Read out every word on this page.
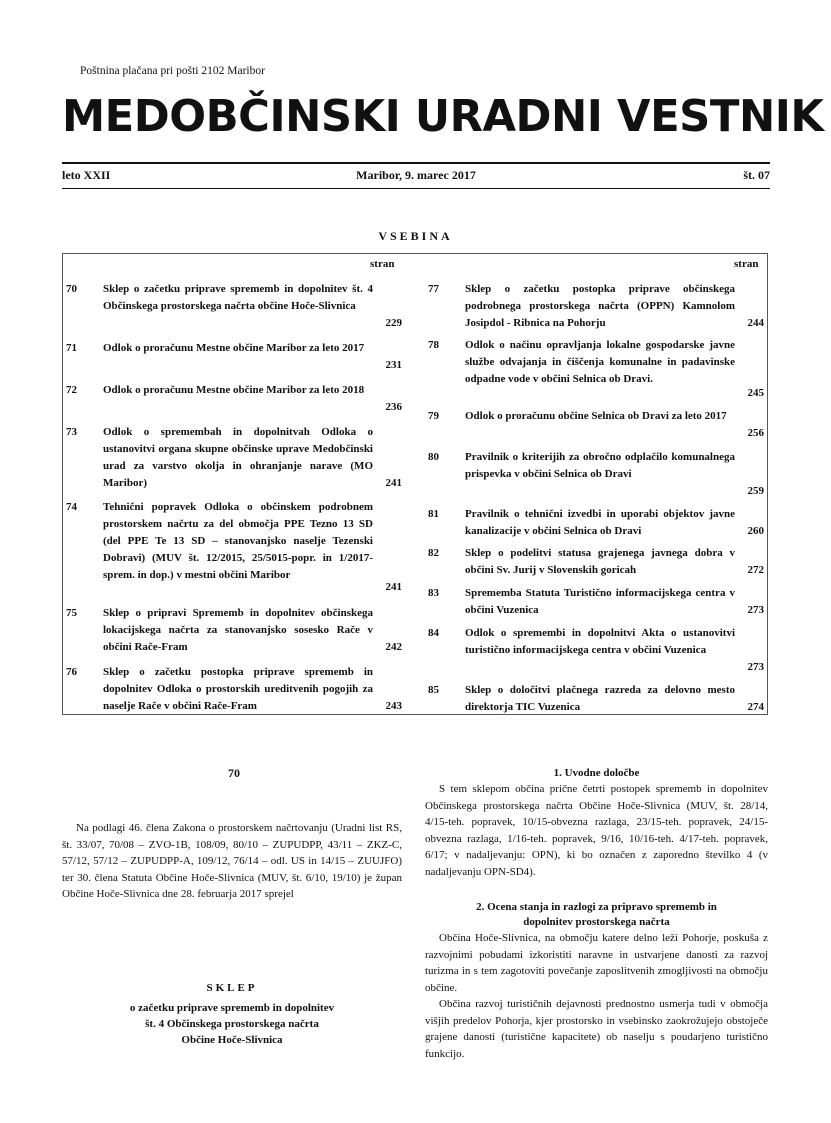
Poštnina plačana pri pošti 2102 Maribor
MEDOBČINSKI URADNI VESTNIK
leto XXII	Maribor, 9. marec 2017	št. 07
VSEBINA
stran	stran
70 Sklep o začetku priprave sprememb in dopolnitev št. 4 Občinskega prostorskega načrta občine Hoče-Slivnica
229
71 Odlok o proračunu Mestne občine Maribor za leto 2017
231
72 Odlok o proračunu Mestne občine Maribor za leto 2018
236
73 Odlok o spremembah in dopolnitvah Odloka o ustanovitvi organa skupne občinske uprave Medobčinski urad za varstvo okolja in ohranjanje narave (MO Maribor)	241
74 Tehnični popravek Odloka o občinskem podrobnem prostorskem načrtu za del območja PPE Tezno 13 SD (del PPE Te 13 SD – stanovanjsko naselje Tezenski Dobravi) (MUV št. 12/2015, 25/5015-popr. in 1/2017-sprem. in dop.) v mestni občini Maribor
241
75 Sklep o pripravi Sprememb in dopolnitev občinskega lokacijskega načrta za stanovanjsko sosesko Rače v občini Rače-Fram	242
76 Sklep o začetku postopka priprave sprememb in dopolnitev Odloka o prostorskih ureditvenih pogojih za naselje Rače v občini Rače-Fram	243
77 Sklep o začetku postopka priprave občinskega podrobnega prostorskega načrta (OPPN) Kamnolom Josipdol - Ribnica na Pohorju	244
78 Odlok o načinu opravljanja lokalne gospodarske javne službe odvajanja in čiščenja komunalne in padavinske odpadne vode v občini Selnica ob Dravi.
245
79 Odlok o proračunu občine Selnica ob Dravi za leto 2017
256
80 Pravilnik o kriterijih za obročno odplačilo komunalnega prispevka v občini Selnica ob Dravi
259
81 Pravilnik o tehnični izvedbi in uporabi objektov javne kanalizacije v občini Selnica ob Dravi	260
82 Sklep o podelitvi statusa grajenega javnega dobra v občini Sv. Jurij v Slovenskih goricah	272
83 Sprememba Statuta Turistično informacijskega centra v občini Vuzenica	273
84 Odlok o spremembi in dopolnitvi Akta o ustanovitvi turistično informacijskega centra v občini Vuzenica
273
85 Sklep o določitvi plačnega razreda za delovno mesto direktorja TIC Vuzenica	274
70

Na podlagi 46. člena Zakona o prostorskem načrtovanju (Uradni list RS, št. 33/07, 70/08 – ZVO-1B, 108/09, 80/10 – ZUPUDPP, 43/11 – ZKZ-C, 57/12, 57/12 – ZUPUDPP-A, 109/12, 76/14 – odl. US in 14/15 – ZUUJFO) ter 30. člena Statuta Občine Hoče-Slivnica (MUV, št. 6/10, 19/10) je župan Občine Hoče-Slivnica dne 28. februarja 2017 sprejel

SKLEP
o začetku priprave sprememb in dopolnitev
št. 4 Občinskega prostorskega načrta
Občine Hoče-Slivnica
1. Uvodne določbe

S tem sklepom občina prične četrti postopek sprememb in dopolnitev Občinskega prostorskega načrta Občine Hoče-Slivnica (MUV, št. 28/14, 4/15-teh. popravek, 10/15-obvezna razlaga, 23/15-teh. popravek, 24/15-obvezna razlaga, 1/16-teh. popravek, 9/16, 10/16-teh. 4/17-teh. popravek, 6/17; v nadaljevanju: OPN), ki bo označen z zaporedno številko 4 (v nadaljevanju OPN-SD4).

2. Ocena stanja in razlogi za pripravo sprememb in
dopolnitev prostorskega načrta

Občina Hoče-Slivnica, na območju katere delno leži Pohorje, poskuša z razvojnimi pobudami izkoristiti naravne in ustvarjene danosti za razvoj turizma in s tem zagotoviti povečanje zaposlitvenih zmogljivosti na območju občine.

Občina razvoj turističnih dejavnosti prednostno usmerja tudi v območja višjih predelov Pohorja, kjer prostorsko in vsebinsko zaokrožujejo obstoječe grajene danosti (turistične kapacitete) ob naselju s poudarjeno turistično funkcijo.
